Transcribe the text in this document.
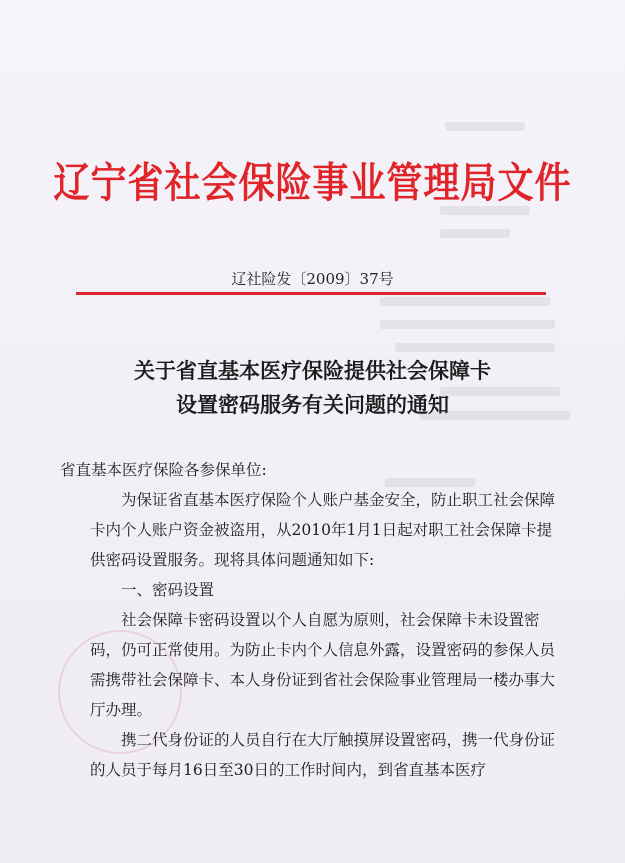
辽宁省社会保险事业管理局文件
辽社险发〔2009〕37号
关于省直基本医疗保险提供社会保障卡
设置密码服务有关问题的通知

省直基本医疗保险各参保单位:

为保证省直基本医疗保险个人账户基金安全，防止职工社会保障卡内个人账户资金被盗用，从2010年1月1日起对职工社会保障卡提供密码设置服务。现将具体问题通知如下:

一、密码设置

社会保障卡密码设置以个人自愿为原则，社会保障卡未设置密码，仍可正常使用。为防止卡内个人信息外露，设置密码的参保人员需携带社会保障卡、本人身份证到省社会保险事业管理局一楼办事大厅办理。

携二代身份证的人员自行在大厅触摸屏设置密码，携一代身份证的人员于每月16日至30日的工作时间内，到省直基本医疗
